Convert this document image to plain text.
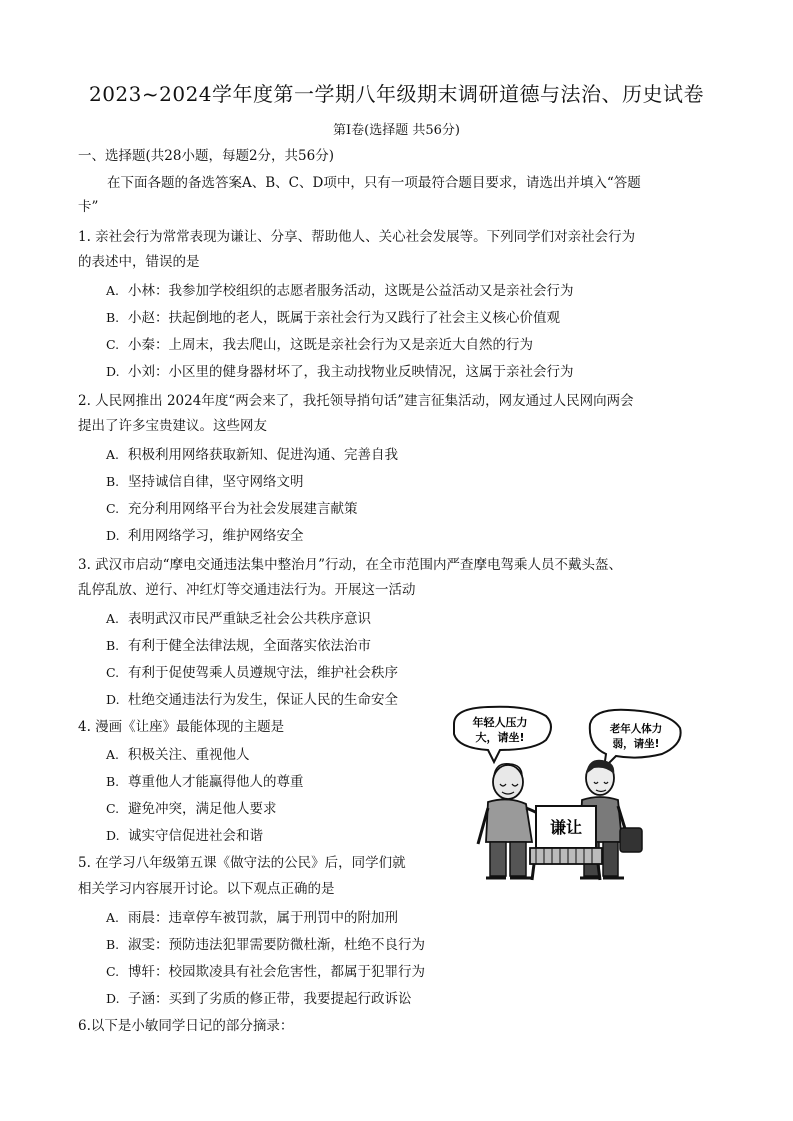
2023~2024学年度第一学期八年级期末调研道德与法治、历史试卷
第Ⅰ卷(选择题 共56分)
一、选择题(共28小题，每题2分，共56分)
在下面各题的备选答案A、B、C、D项中，只有一项最符合题目要求，请选出并填入“答题
卡”
1. 亲社会行为常常表现为谦让、分享、帮助他人、关心社会发展等。下列同学们对亲社会行为
的表述中，错误的是
A. 小林：我参加学校组织的志愿者服务活动，这既是公益活动又是亲社会行为
B. 小赵：扶起倒地的老人，既属于亲社会行为又践行了社会主义核心价值观
C. 小秦：上周末，我去爬山，这既是亲社会行为又是亲近大自然的行为
D. 小刘：小区里的健身器材坏了，我主动找物业反映情况，这属于亲社会行为
2. 人民网推出 2024年度“两会来了，我托领导捎句话”建言征集活动，网友通过人民网向两会
提出了许多宝贵建议。这些网友
A. 积极利用网络获取新知、促进沟通、完善自我
B. 坚持诚信自律，坚守网络文明
C. 充分利用网络平台为社会发展建言献策
D. 利用网络学习，维护网络安全
3. 武汉市启动“摩电交通违法集中整治月”行动，在全市范围内严查摩电驾乘人员不戴头盔、
乱停乱放、逆行、冲红灯等交通违法行为。开展这一活动
A. 表明武汉市民严重缺乏社会公共秩序意识
B. 有利于健全法律法规，全面落实依法治市
C. 有利于促使驾乘人员遵规守法，维护社会秩序
D. 杜绝交通违法行为发生，保证人民的生命安全
4. 漫画《让座》最能体现的主题是
A. 积极关注、重视他人
B. 尊重他人才能赢得他人的尊重
C. 避免冲突，满足他人要求
D. 诚实守信促进社会和谐
5. 在学习八年级第五课《做守法的公民》后，同学们就
相关学习内容展开讨论。以下观点正确的是
A. 雨晨：违章停车被罚款，属于刑罚中的附加刑
B. 淑雯：预防违法犯罪需要防微杜渐，杜绝不良行为
C. 博轩：校园欺凌具有社会危害性，都属于犯罪行为
D. 子涵：买到了劣质的修正带，我要提起行政诉讼
6.以下是小敏同学日记的部分摘录：
年轻人压力
大，请坐!
老年人体力
弱，请坐!
谦让
